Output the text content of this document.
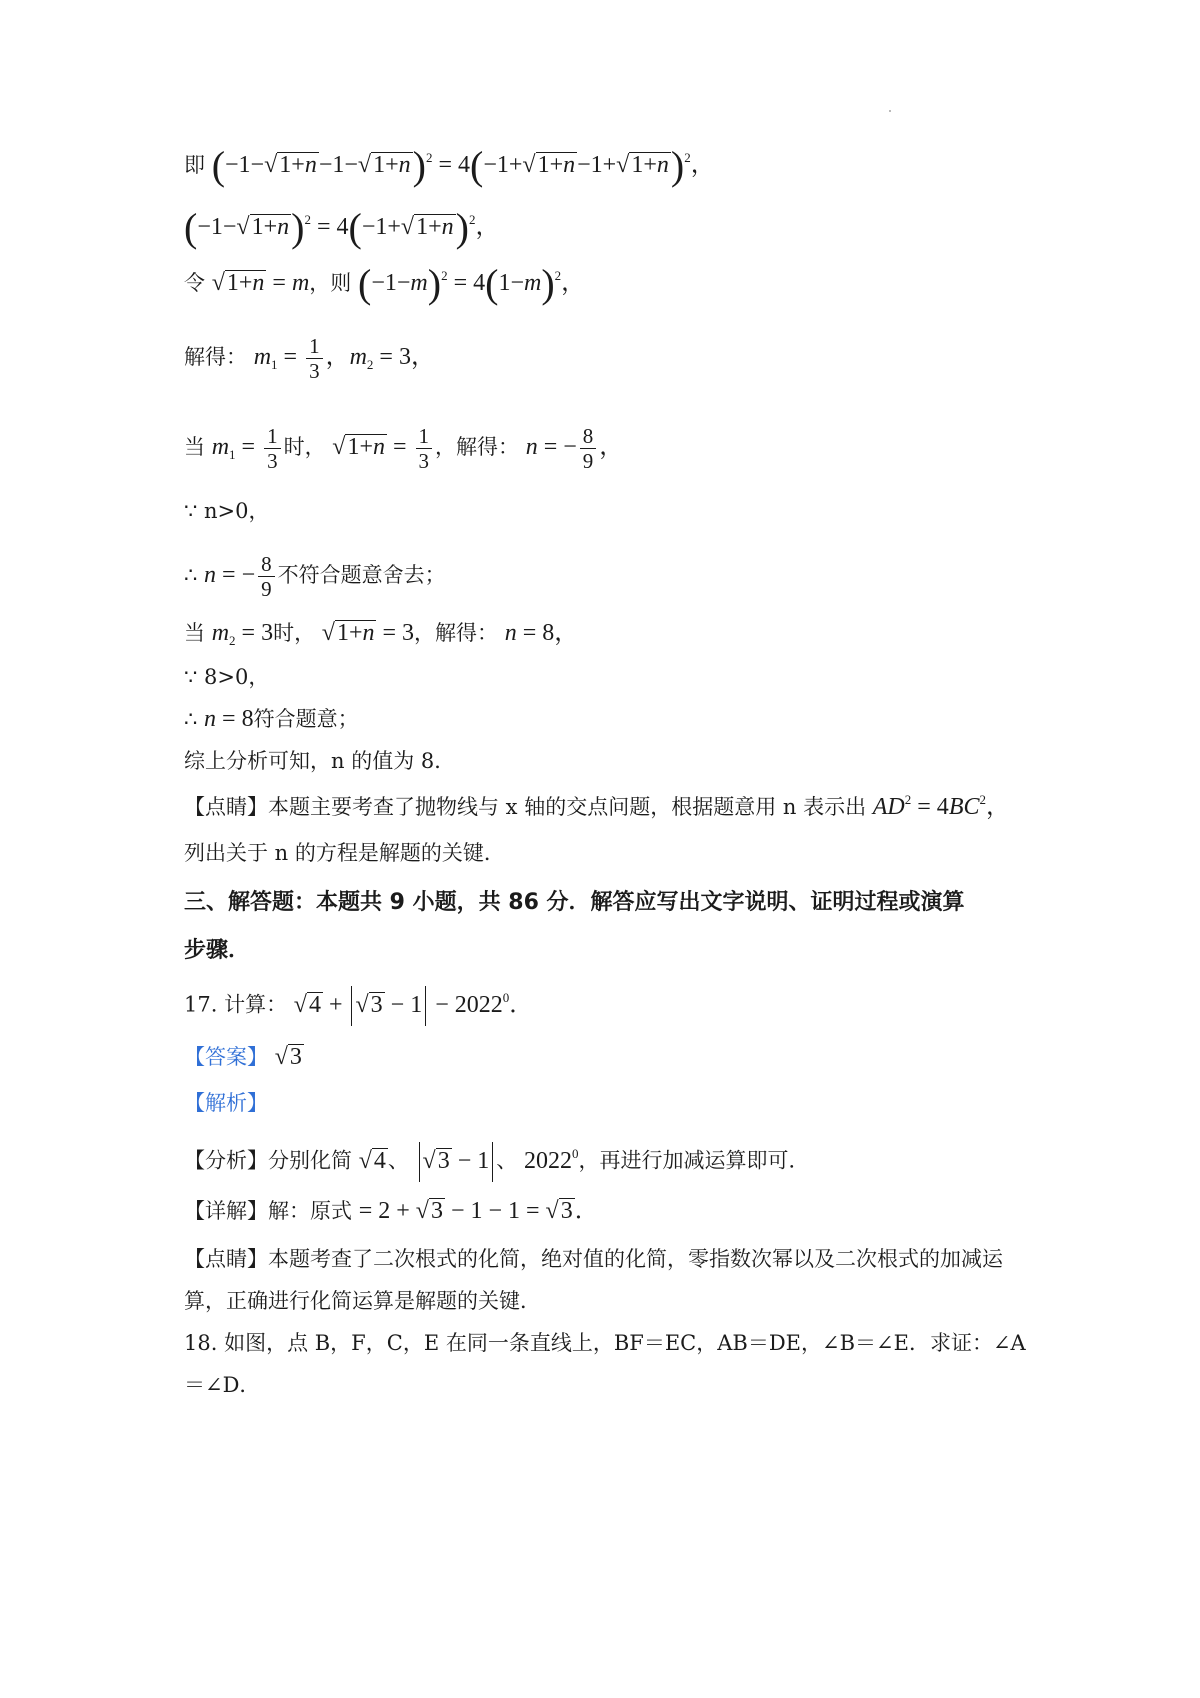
即 $(-1-√1+n-1-√1+n)^2 = 4(-1+√1+n-1+√1+n)^2$，
$(-1-√1+n)^2 = 4(-1+√1+n)^2$，
令 √1+n = m，则 $(-1-m)^2 = 4(1-m)^2$，
解得： $m_1 = \frac{1}{3}$ ，$m_2 = 3$，
当 $m_1 = \frac{1}{3}$ 时， $√1+n = \frac{1}{3}$ ，解得： n = − $\frac{8}{9}$ ，
∵ n>0，
∴ n = − $\frac{8}{9}$ 不符合题意舍去；
当 $m_2 = 3$时， √1+n = 3，解得： n = 8，
∵ 8>0，
∴ n = 8符合题意；
综上分析可知，n 的值为 8．
【点睛】本题主要考查了抛物线与 x 轴的交点问题，根据题意用 n 表示出 $AD^2 = 4BC^2$，
列出关于 n 的方程是解题的关键．
三、解答题：本题共 9 小题，共 86 分．解答应写出文字说明、证明过程或演算
步骤．
17. 计算： $√4 + √3 - 1 - 2022^0$．
【答案】 √3
【解析】
【分析】分别化简 √4、 √3 − 1 、 2022$^0$，再进行加减运算即可．
【详解】解：原式 = 2 + √3 − 1 − 1 = √3．
【点睛】本题考查了二次根式的化简，绝对值的化简，零指数次幂以及二次根式的加减运
算，正确进行化简运算是解题的关键．
18. 如图，点 B，F，C，E 在同一条直线上，BF＝EC，AB＝DE，∠B＝∠E．求证：∠A
＝∠D．
